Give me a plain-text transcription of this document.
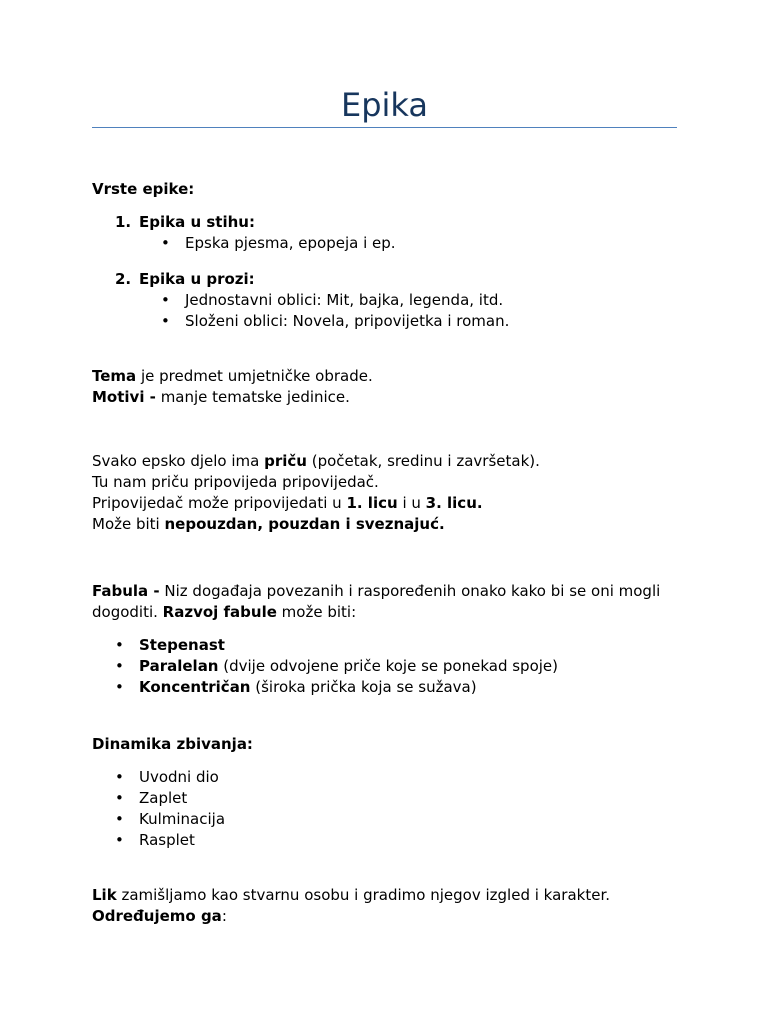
Epika
Vrste epike:
1. Epika u stihu:
• Epska pjesma, epopeja i ep.
2. Epika u prozi:
• Jednostavni oblici: Mit, bajka, legenda, itd.
• Složeni oblici: Novela, pripovijetka i roman.
Tema je predmet umjetničke obrade.
Motivi - manje tematske jedinice.
Svako epsko djelo ima priču (početak, sredinu i završetak).
Tu nam priču pripovijeda pripovijedač.
Pripovijedač može pripovijedati u 1. licu i u 3. licu.
Može biti nepouzdan, pouzdan i sveznajuć.
Fabula - Niz događaja povezanih i raspoređenih onako kako bi se oni mogli dogoditi. Razvoj fabule može biti:
• Stepenast
• Paralelan (dvije odvojene priče koje se ponekad spoje)
• Koncentričan (široka prička koja se sužava)
Dinamika zbivanja:
• Uvodni dio
• Zaplet
• Kulminacija
• Rasplet
Lik zamišljamo kao stvarnu osobu i gradimo njegov izgled i karakter.
Određujemo ga:
